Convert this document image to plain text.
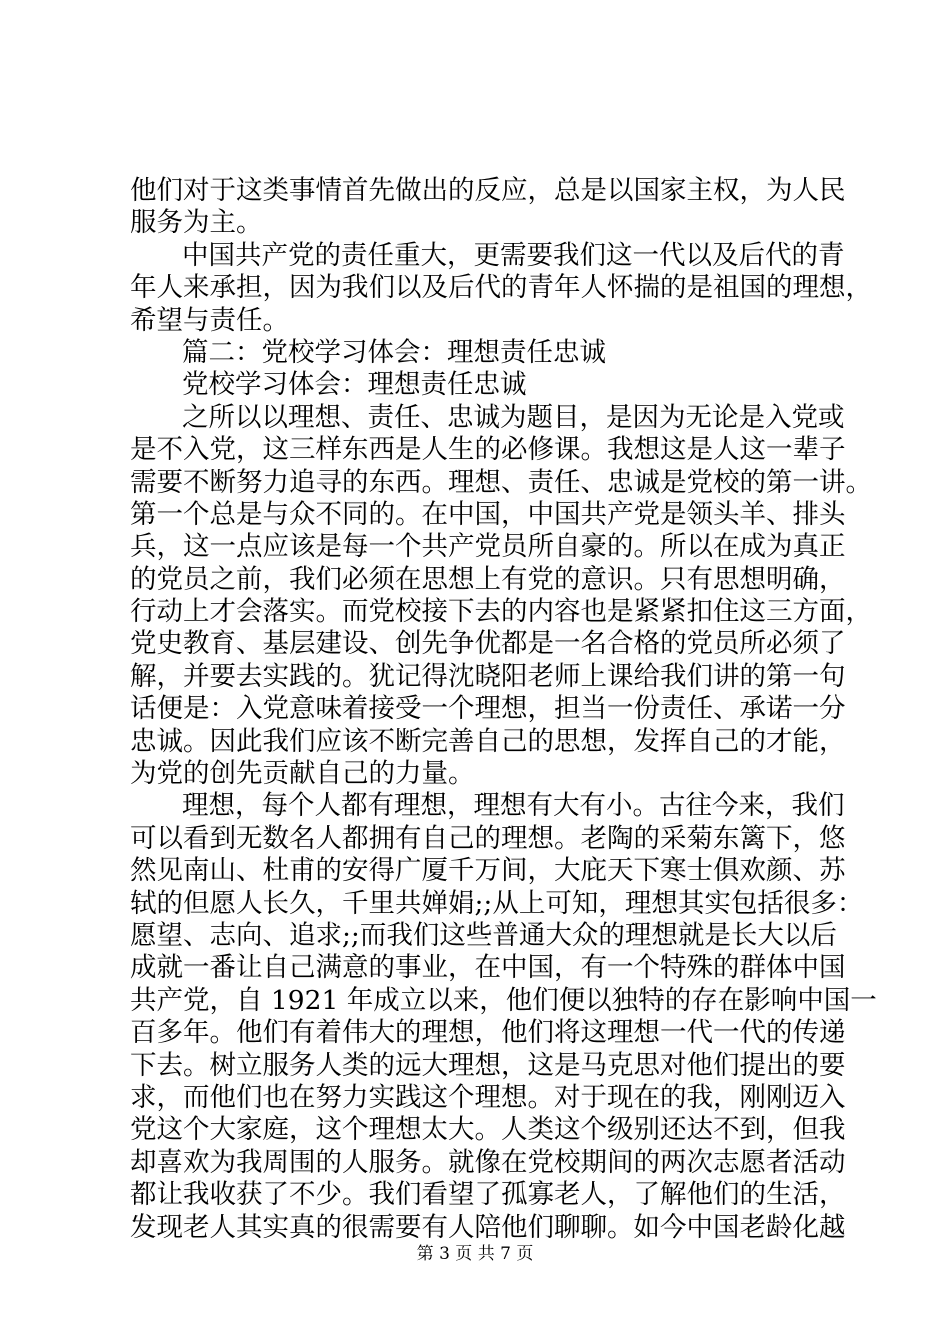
他们对于这类事情首先做出的反应，总是以国家主权，为人民
服务为主。
中国共产党的责任重大，更需要我们这一代以及后代的青
年人来承担，因为我们以及后代的青年人怀揣的是祖国的理想，
希望与责任。
篇二：党校学习体会：理想责任忠诚
党校学习体会：理想责任忠诚
之所以以理想、责任、忠诚为题目，是因为无论是入党或
是不入党，这三样东西是人生的必修课。我想这是人这一辈子
需要不断努力追寻的东西。理想、责任、忠诚是党校的第一讲。
第一个总是与众不同的。在中国，中国共产党是领头羊、排头
兵，这一点应该是每一个共产党员所自豪的。所以在成为真正
的党员之前，我们必须在思想上有党的意识。只有思想明确，
行动上才会落实。而党校接下去的内容也是紧紧扣住这三方面，
党史教育、基层建设、创先争优都是一名合格的党员所必须了
解，并要去实践的。犹记得沈晓阳老师上课给我们讲的第一句
话便是：入党意味着接受一个理想，担当一份责任、承诺一分
忠诚。因此我们应该不断完善自己的思想，发挥自己的才能，
为党的创先贡献自己的力量。
理想，每个人都有理想，理想有大有小。古往今来，我们
可以看到无数名人都拥有自己的理想。老陶的采菊东篱下，悠
然见南山、杜甫的安得广厦千万间，大庇天下寒士俱欢颜、苏
轼的但愿人长久，千里共婵娟;;从上可知，理想其实包括很多：
愿望、志向、追求;;而我们这些普通大众的理想就是长大以后
成就一番让自己满意的事业，在中国，有一个特殊的群体中国
共产党，自 1921 年成立以来，他们便以独特的存在影响中国一
百多年。他们有着伟大的理想，他们将这理想一代一代的传递
下去。树立服务人类的远大理想，这是马克思对他们提出的要
求，而他们也在努力实践这个理想。对于现在的我，刚刚迈入
党这个大家庭，这个理想太大。人类这个级别还达不到，但我
却喜欢为我周围的人服务。就像在党校期间的两次志愿者活动
都让我收获了不少。我们看望了孤寡老人，了解他们的生活，
发现老人其实真的很需要有人陪他们聊聊。如今中国老龄化越
第 3 页 共 7 页
